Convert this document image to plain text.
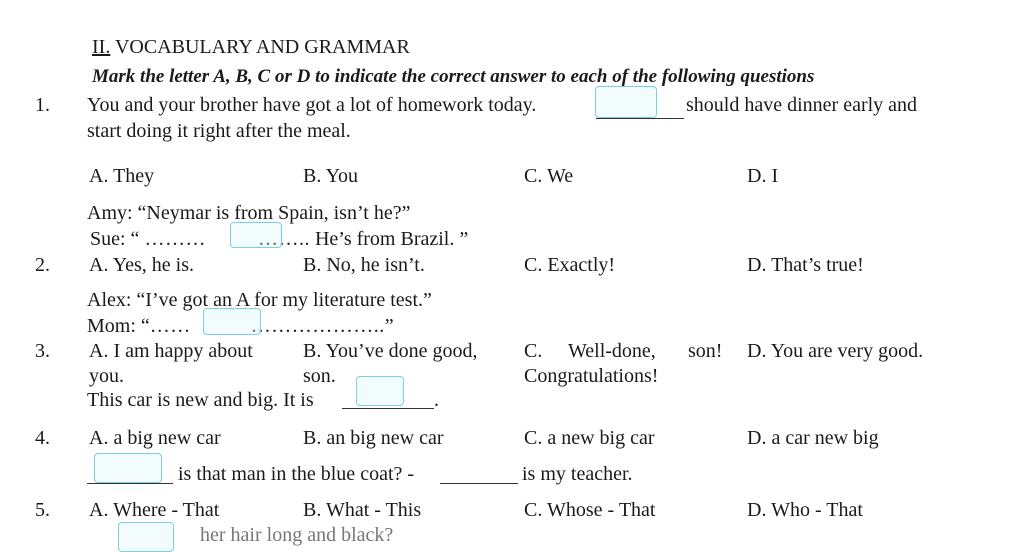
II. VOCABULARY AND GRAMMAR
Mark the letter A, B, C or D to indicate the correct answer to each of the following questions
1. You and your brother have got a lot of homework today.	should have dinner early and
start doing it right after the meal.
A. They	B. You	C. We	D. I
Amy: “Neymar is from Spain, isn’t he?”
Sue: “ ………	…….. He’s from Brazil. ”
2. A. Yes, he is.	B. No, he isn’t.	C. Exactly!	D. That’s true!
Alex: “I’ve got an A for my literature test.”
Mom: “……	………………..”
3. A. I am happy about
you.
B. You’ve done good,
son.
C. Well-done, son!
Congratulations!
D. You are very good.
This car is new and big. It is	.
4. A. a big new car	B. an big new car	C. a new big car	D. a car new big
is that man in the blue coat? -	is my teacher.
5. A. Where - That	B. What - This	C. Whose - That	D. Who - That
her hair long and black?
